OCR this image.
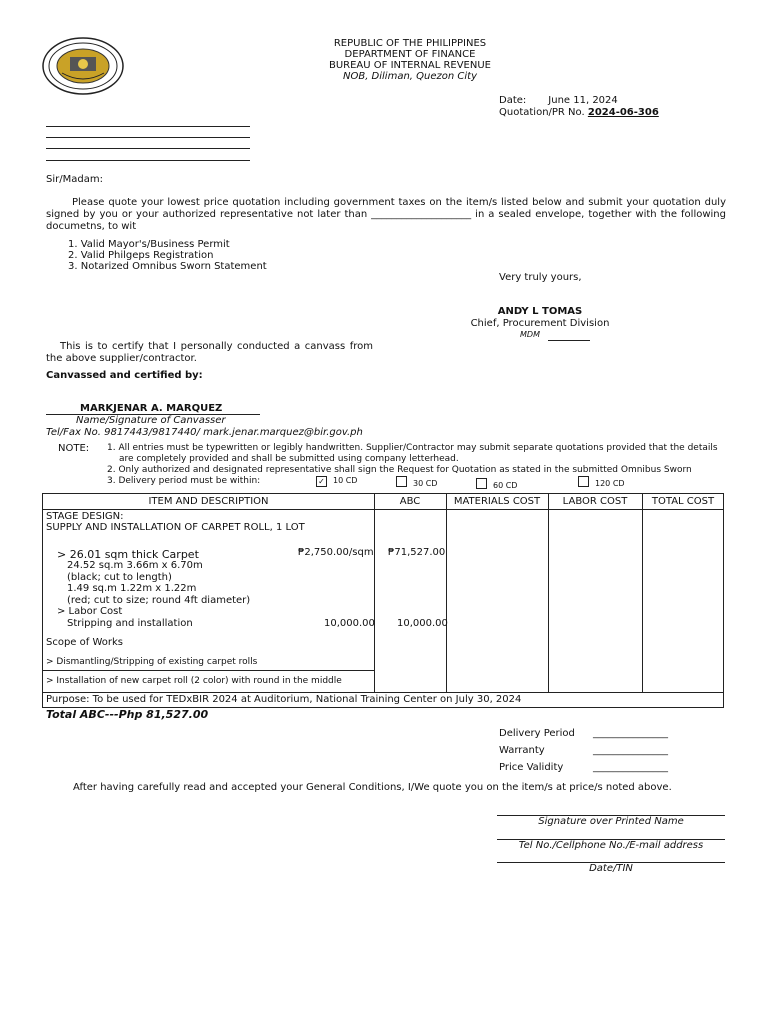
REPUBLIC OF THE PHILIPPINES
DEPARTMENT OF FINANCE
BUREAU OF INTERNAL REVENUE
NOB, Diliman, Quezon City
Date: June 11, 2024
Quotation/PR No. 2024-06-306
Sir/Madam:
Please quote your lowest price quotation including government taxes on the item/s listed below and submit your quotation duly signed by you or your authorized representative not later than ____________________ in a sealed envelope, together with the following documetns, to wit
1. Valid Mayor's/Business Permit
2. Valid Philgeps Registration
3. Notarized Omnibus Sworn Statement
Very truly yours,
ANDY L TOMAS
Chief, Procurement Division
MDM
This is to certify that I personally conducted a canvass from the above supplier/contractor.
Canvassed and certified by:
MARKJENAR A. MARQUEZ
Name/Signature of Canvasser
Tel/Fax No. 9817443/9817440/ mark.jenar.marquez@bir.gov.ph
NOTE: 1. All entries must be typewritten or legibly handwritten. Supplier/Contractor may submit separate quotations provided that the details
are completely provided and shall be submitted using company letterhead.
2. Only authorized and designated representative shall sign the Request for Quotation as stated in the submitted Omnibus Sworn
3. Delivery period must be within:	✓ 10 CD	30 CD	60 CD	120 CD
ITEM AND DESCRIPTION	ABC	MATERIALS COST	LABOR COST	TOTAL COST
STAGE DESIGN:
SUPPLY AND INSTALLATION OF CARPET ROLL, 1 LOT
> 26.01 sqm thick Carpet	₱2,750.00/sqm ₱71,527.00
24.52 sq.m 3.66m x 6.70m
(black; cut to length)
1.49 sq.m 1.22m x 1.22m
(red; cut to size; round 4ft diameter)
> Labor Cost
Stripping and installation	10,000.00 10,000.00
Scope of Works
> Dismantling/Stripping of existing carpet rolls
> Installation of new carpet roll (2 color) with round in the middle
Purpose: To be used for TEDxBIR 2024 at Auditorium, National Training Center on July 30, 2024
Total ABC---Php 81,527.00
Delivery Period _______________
Warranty	_______________
Price Validity	_______________
After having carefully read and accepted your General Conditions, I/We quote you on the item/s at price/s noted above.
Signature over Printed Name
Tel No./Cellphone No./E-mail address
Date/TIN
